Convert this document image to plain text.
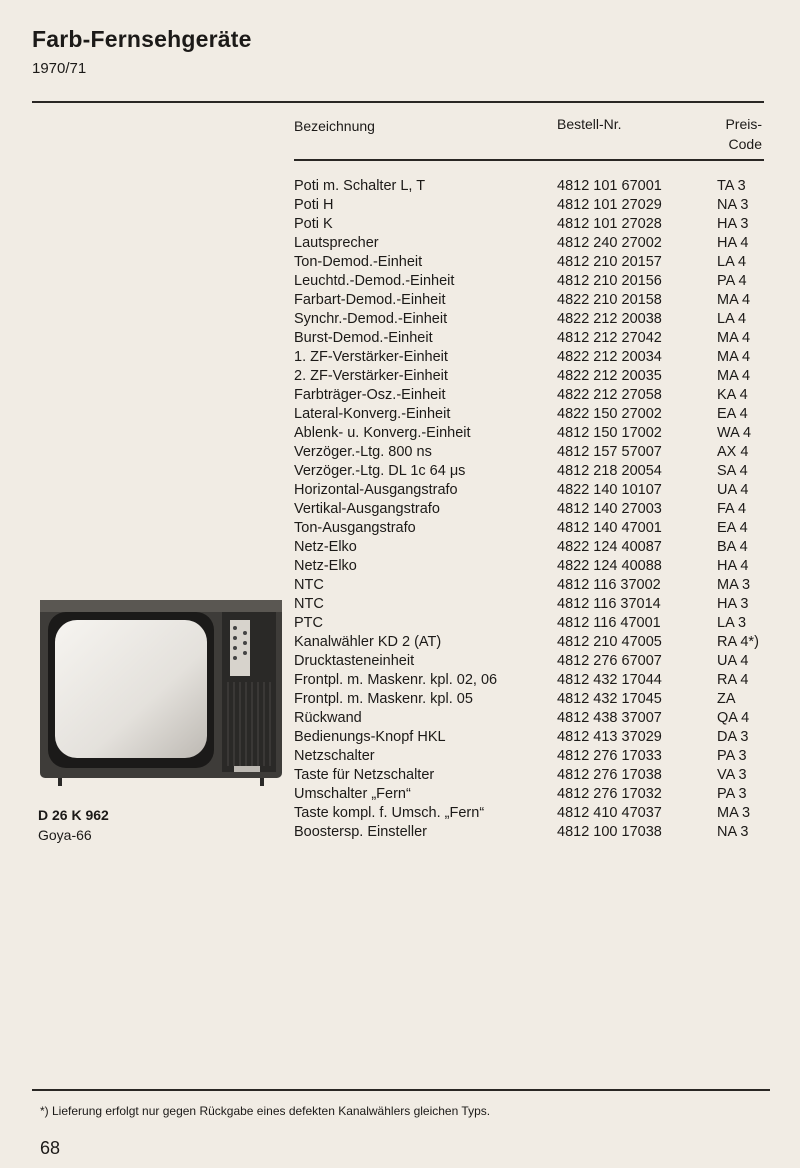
Farb-Fernsehgeräte
1970/71
Bezeichnung	Bestell-Nr.	Preis-
Code
Poti m. Schalter L, T	4812 101 67001	TA 3
Poti H	4812 101 27029	NA 3
Poti K	4812 101 27028	HA 3
Lautsprecher	4812 240 27002	HA 4
Ton-Demod.-Einheit	4812 210 20157	LA 4
Leuchtd.-Demod.-Einheit	4812 210 20156	PA 4
Farbart-Demod.-Einheit	4822 210 20158	MA 4
Synchr.-Demod.-Einheit	4822 212 20038	LA 4
Burst-Demod.-Einheit	4812 212 27042	MA 4
1. ZF-Verstärker-Einheit	4822 212 20034	MA 4
2. ZF-Verstärker-Einheit	4822 212 20035	MA 4
Farbträger-Osz.-Einheit	4822 212 27058	KA 4
Lateral-Konverg.-Einheit	4822 150 27002	EA 4
Ablenk- u. Konverg.-Einheit	4812 150 17002	WA 4
Verzöger.-Ltg. 800 ns	4812 157 57007	AX 4
Verzöger.-Ltg. DL 1c 64 μs	4812 218 20054	SA 4
Horizontal-Ausgangstrafo	4822 140 10107	UA 4
Vertikal-Ausgangstrafo	4812 140 27003	FA 4
Ton-Ausgangstrafo	4812 140 47001	EA 4
Netz-Elko	4822 124 40087	BA 4
Netz-Elko	4822 124 40088	HA 4
NTC	4812 116 37002	MA 3
NTC	4812 116 37014	HA 3
PTC	4812 116 47001	LA 3
Kanalwähler KD 2 (AT)	4812 210 47005	RA 4*)
Drucktasteneinheit	4812 276 67007	UA 4
Frontpl. m. Maskenr. kpl. 02, 06	4812 432 17044	RA 4
Frontpl. m. Maskenr. kpl. 05	4812 432 17045	ZA
Rückwand	4812 438 37007	QA 4
Bedienungs-Knopf HKL	4812 413 37029	DA 3
Netzschalter	4812 276 17033	PA 3
Taste für Netzschalter	4812 276 17038	VA 3
Umschalter „Fern“	4812 276 17032	PA 3
Taste kompl. f. Umsch. „Fern“	4812 410 47037	MA 3
Boostersp. Einsteller	4812 100 17038	NA 3
D 26 K 962
Goya-66
*) Lieferung erfolgt nur gegen Rückgabe eines defekten Kanalwählers gleichen Typs.
68
